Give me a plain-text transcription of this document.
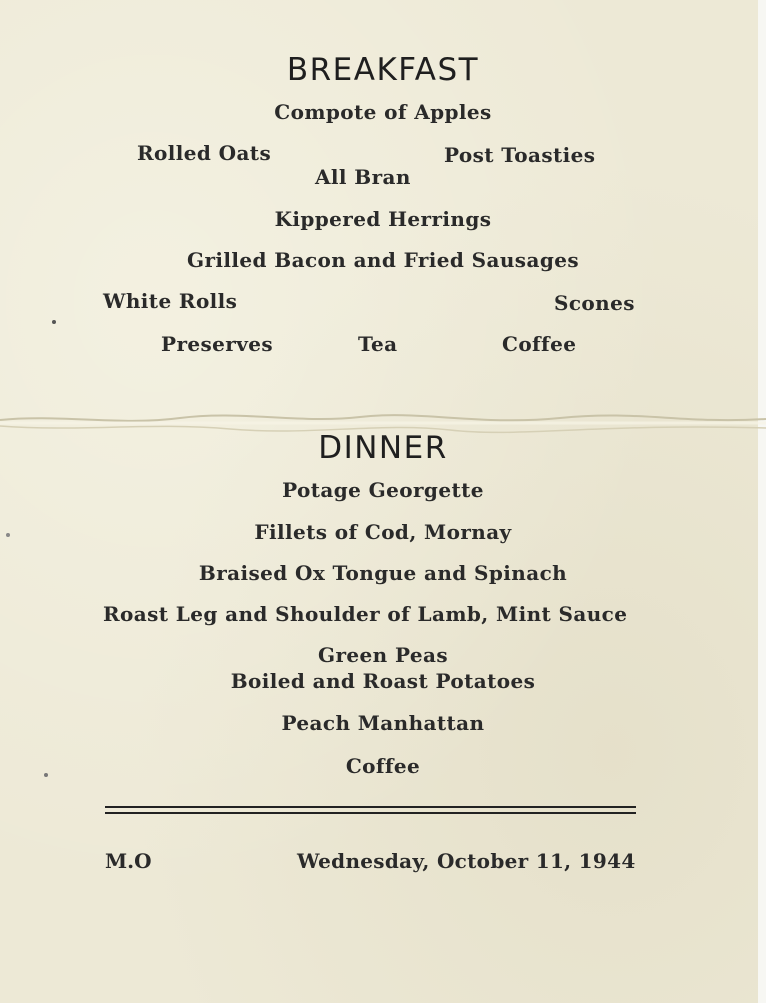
BREAKFAST
Compote of Apples
Rolled Oats	Post Toasties
All Bran
Kippered Herrings
Grilled Bacon and Fried Sausages
White Rolls	Scones
Preserves	Tea	Coffee
DINNER
Potage Georgette
Fillets of Cod, Mornay
Braised Ox Tongue and Spinach
Roast Leg and Shoulder of Lamb, Mint Sauce
Green Peas
Boiled and Roast Potatoes
Peach Manhattan
Coffee
M.O	Wednesday, October 11, 1944
